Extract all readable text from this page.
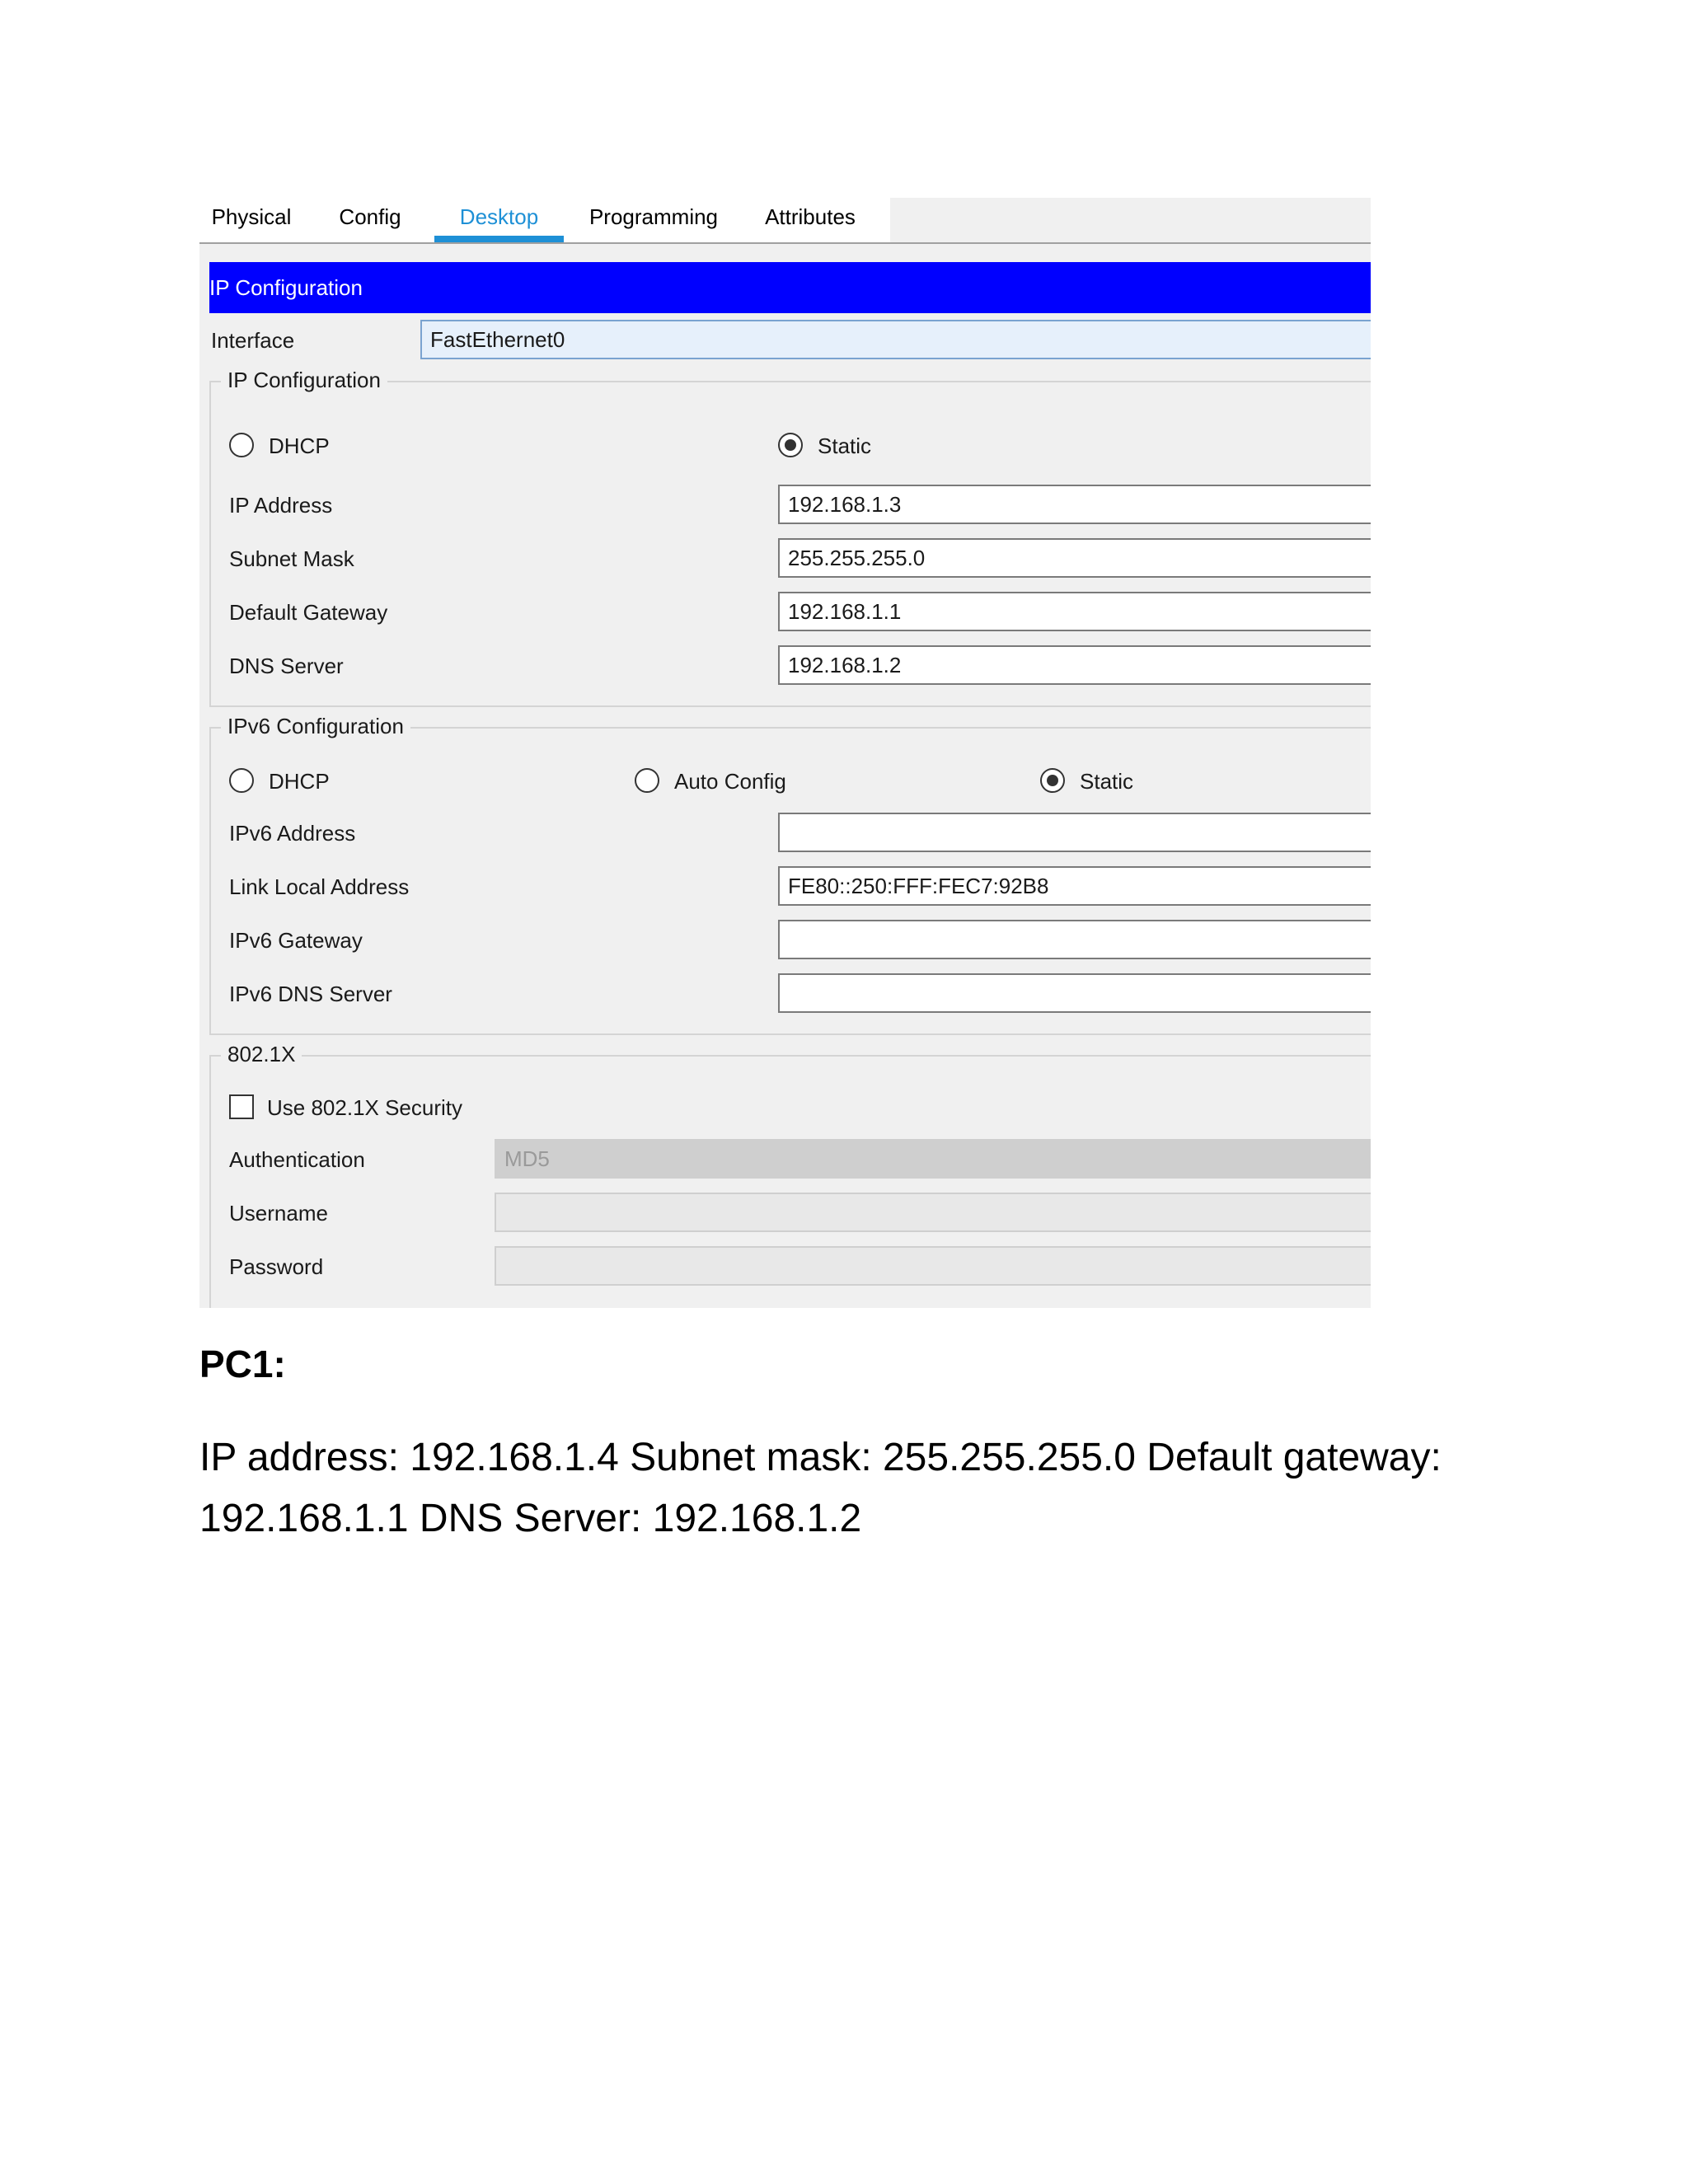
Physical Config	Desktop	Programming	Attributes
IP Configuration
Interface	FastEthernet0
IP Configuration
DHCP	Static
IP Address	192.168.1.3
Subnet Mask	255.255.255.0
Default Gateway	192.168.1.1
DNS Server	192.168.1.2
IPv6 Configuration
DHCP	Auto Config	Static
IPv6 Address
Link Local Address	FE80::250:FFF:FEC7:92B8
IPv6 Gateway
IPv6 DNS Server
802.1X
Use 802.1X Security
Authentication	MD5
Username
Password
PC1:
IP address: 192.168.1.4 Subnet mask: 255.255.255.0 Default gateway: 192.168.1.1 DNS Server: 192.168.1.2
